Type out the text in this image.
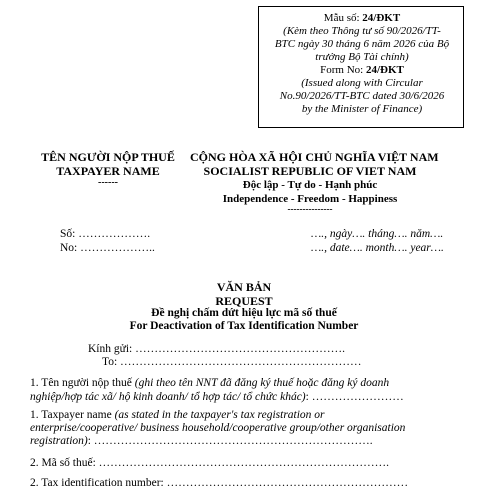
Mẫu số: 24/ĐKT
(Kèm theo Thông tư số 90/2026/TT-
BTC ngày 30 tháng 6 năm 2026 của Bộ
trưởng Bộ Tài chính)
Form No: 24/ĐKT
(Issued along with Circular
No.90/2026/TT-BTC dated 30/6/2026
by the Minister of Finance)
TÊN NGƯỜI NỘP THUẾ
TAXPAYER NAME
------
CỘNG HÒA XÃ HỘI CHỦ NGHĨA VIỆT NAM
SOCIALIST REPUBLIC OF VIET NAM
Độc lập - Tự do - Hạnh phúc
Independence - Freedom - Happiness
---------------
Số: ……………….
No: ………………..
…., ngày…. tháng…. năm….
…., date…. month…. year….
VĂN BẢN
REQUEST
Đề nghị chấm dứt hiệu lực mã số thuế
For Deactivation of Tax Identification Number
Kính gửi: ……………………………………………….
To: ………………………………………………………
1. Tên người nộp thuế (ghi theo tên NNT đã đăng ký thuế hoặc đăng ký doanh
nghiệp/hợp tác xã/ hộ kinh doanh/ tổ hợp tác/ tổ chức khác): ……………………
1. Taxpayer name (as stated in the taxpayer's tax registration or
enterprise/cooperative/ business household/cooperative group/other organisation
registration): ……………………………………………………………….
2. Mã số thuế: ………………………………………………………………….
2. Tax identification number: ………………………………………………………
